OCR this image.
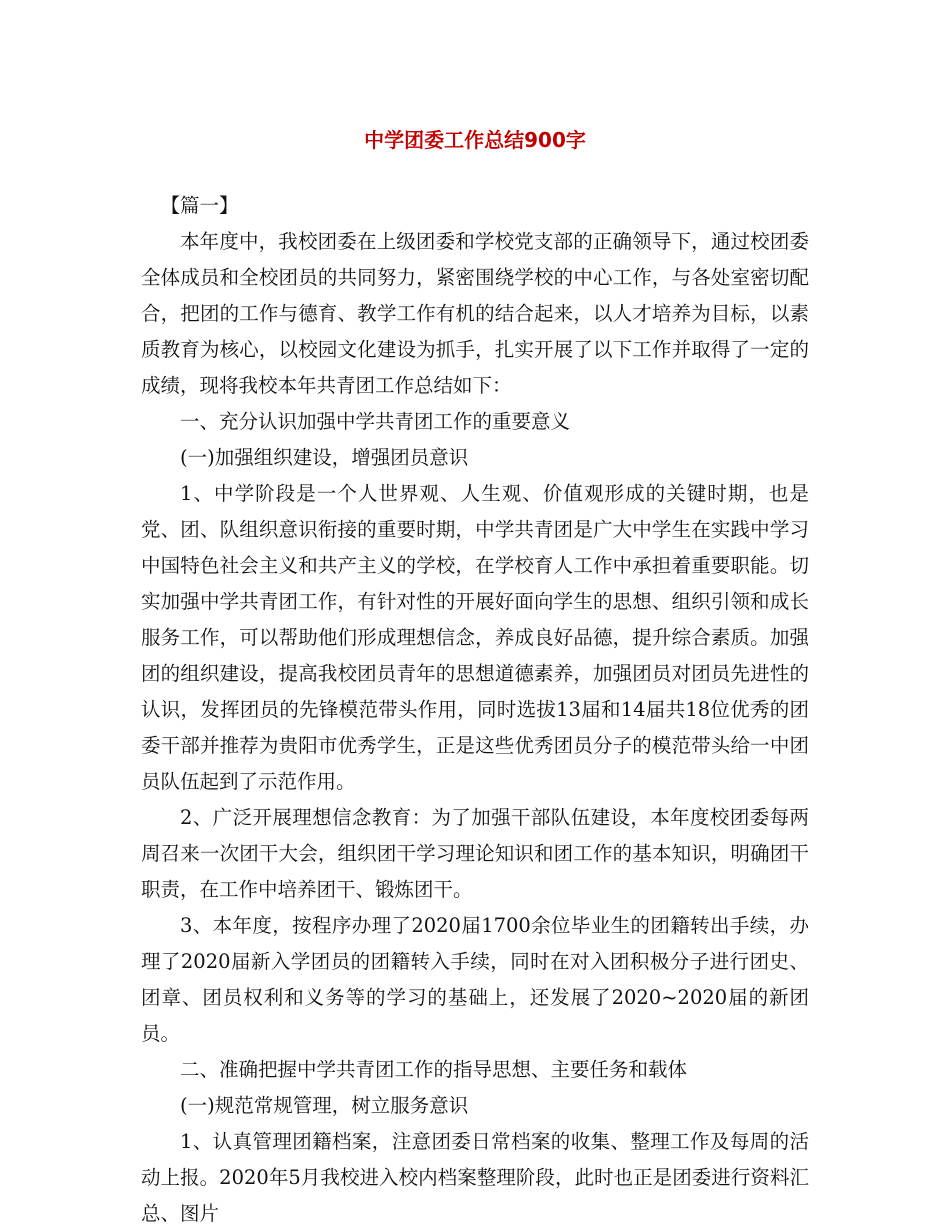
中学团委工作总结900字

【篇一】

本年度中，我校团委在上级团委和学校党支部的正确领导下，通过校团委全体成员和全校团员的共同努力，紧密围绕学校的中心工作，与各处室密切配合，把团的工作与德育、教学工作有机的结合起来，以人才培养为目标，以素质教育为核心，以校园文化建设为抓手，扎实开展了以下工作并取得了一定的成绩，现将我校本年共青团工作总结如下：

一、充分认识加强中学共青团工作的重要意义

(一)加强组织建设，增强团员意识

1、中学阶段是一个人世界观、人生观、价值观形成的关键时期，也是党、团、队组织意识衔接的重要时期，中学共青团是广大中学生在实践中学习中国特色社会主义和共产主义的学校，在学校育人工作中承担着重要职能。切实加强中学共青团工作，有针对性的开展好面向学生的思想、组织引领和成长服务工作，可以帮助他们形成理想信念，养成良好品德，提升综合素质。加强团的组织建设，提高我校团员青年的思想道德素养，加强团员对团员先进性的认识，发挥团员的先锋模范带头作用，同时选拔13届和14届共18位优秀的团委干部并推荐为贵阳市优秀学生，正是这些优秀团员分子的模范带头给一中团员队伍起到了示范作用。

2、广泛开展理想信念教育：为了加强干部队伍建设，本年度校团委每两周召来一次团干大会，组织团干学习理论知识和团工作的基本知识，明确团干职责，在工作中培养团干、锻炼团干。

3、本年度，按程序办理了2020届1700余位毕业生的团籍转出手续，办理了2020届新入学团员的团籍转入手续，同时在对入团积极分子进行团史、团章、团员权利和义务等的学习的基础上，还发展了2020~2020届的新团员。

二、准确把握中学共青团工作的指导思想、主要任务和载体

(一)规范常规管理，树立服务意识

1、认真管理团籍档案，注意团委日常档案的收集、整理工作及每周的活动上报。2020年5月我校进入校内档案整理阶段，此时也正是团委进行资料汇总、图片
